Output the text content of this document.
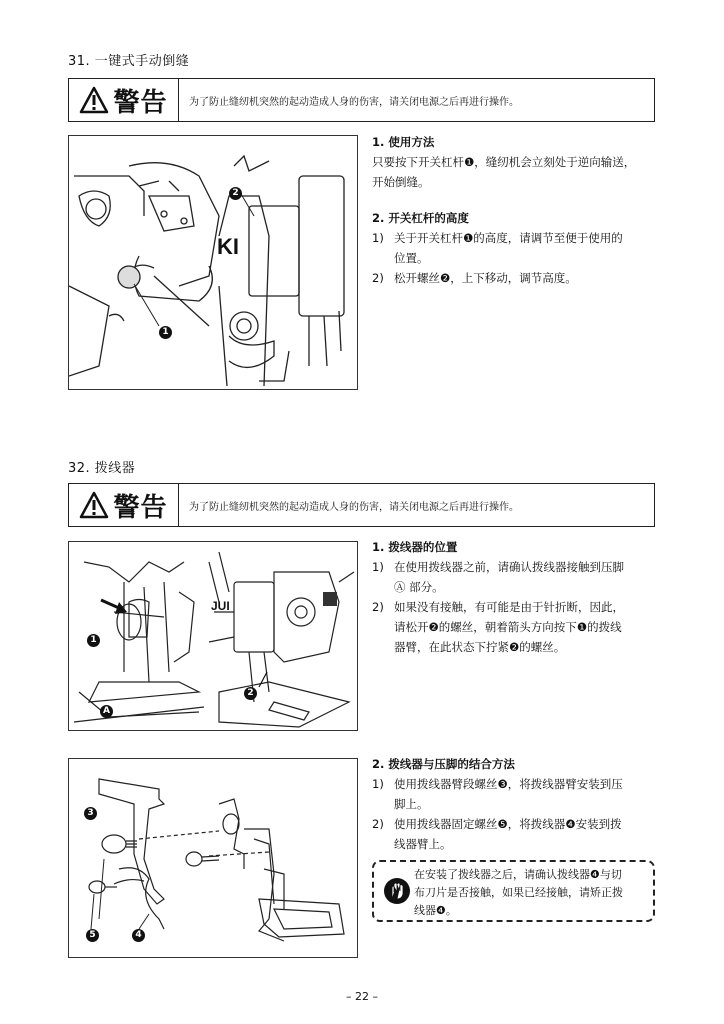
31. 一键式手动倒缝
警告	为了防止缝纫机突然的起动造成人身的伤害，请关闭电源之后再进行操作。
KI
1
2
1. 使用方法
只要按下开关杠杆❶，缝纫机会立刻处于逆向输送，
开始倒缝。
2. 开关杠杆的高度
1) 关于开关杠杆❶的高度，请调节至便于使用的
位置。
2) 松开螺丝❷，上下移动，调节高度。
32. 拨线器
警告	为了防止缝纫机突然的起动造成人身的伤害，请关闭电源之后再进行操作。
JUI
1
A
2
1. 拨线器的位置
1) 在使用拨线器之前，请确认拨线器接触到压脚
Ⓐ 部分。
2) 如果没有接触，有可能是由于针折断，因此，
请松开❷的螺丝，朝着箭头方向按下❶的拨线
器臂，在此状态下拧紧❷的螺丝。
3
5	4
2. 拨线器与压脚的结合方法
1) 使用拨线器臂段螺丝❸，将拨线器臂安装到压
脚上。
2) 使用拨线器固定螺丝❺，将拨线器❹安装到拨
线器臂上。
在安装了拨线器之后，请确认拨线器❹与切
布刀片是否接触，如果已经接触，请矫正拨
线器❹。
– 22 –
